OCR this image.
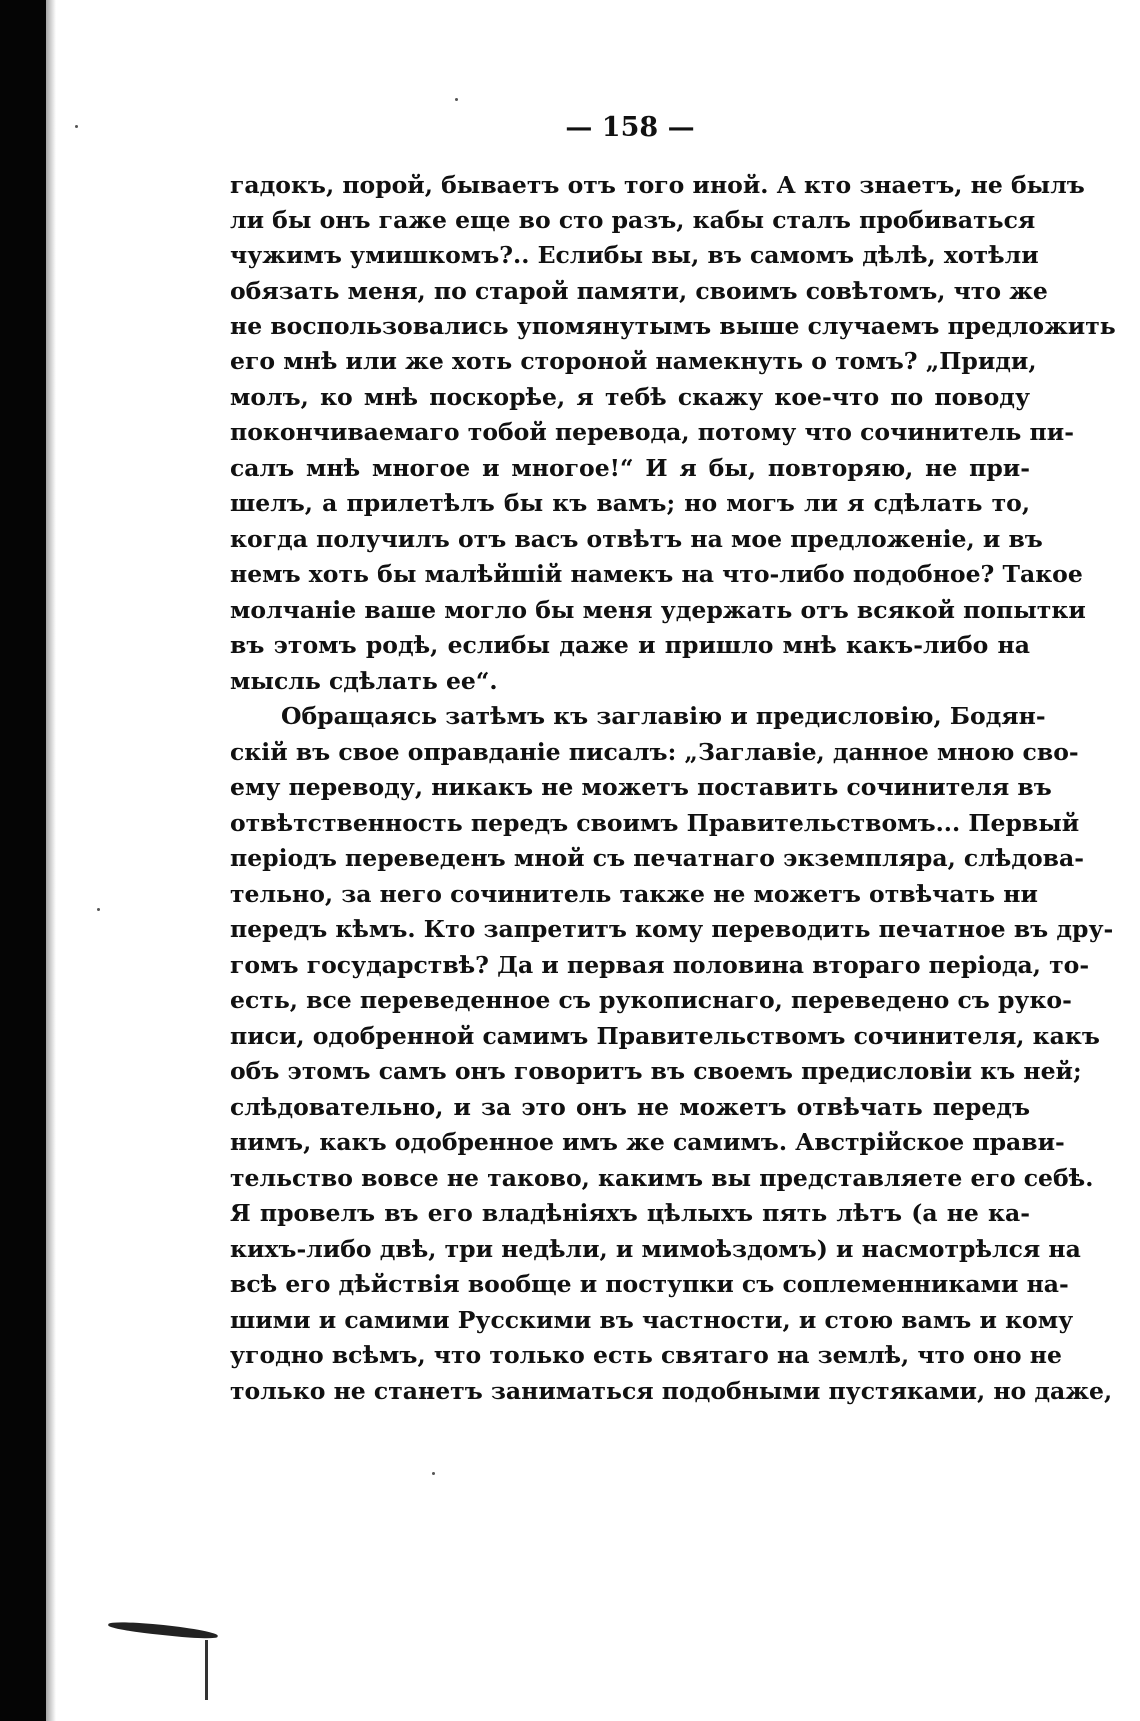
— 158 —
гадокъ, порой, бываетъ отъ того иной. А кто знаетъ, не былъ
ли бы онъ гаже еще во сто разъ, кабы сталъ пробиваться
чужимъ умишкомъ?.. Еслибы вы, въ самомъ дѣлѣ, хотѣли
обязать меня, по старой памяти, своимъ совѣтомъ, что же
не воспользовались упомянутымъ выше случаемъ предложить
его мнѣ или же хоть стороной намекнуть о томъ? „Приди,
молъ, ко мнѣ поскорѣе, я тебѣ скажу кое-что по поводу
покончиваемаго тобой перевода, потому что сочинитель пи-
салъ мнѣ многое и многое!“ И я бы, повторяю, не при-
шелъ, а прилетѣлъ бы къ вамъ; но могъ ли я сдѣлать то,
когда получилъ отъ васъ отвѣтъ на мое предложеніе, и въ
немъ хоть бы малѣйшій намекъ на что-либо подобное? Такое
молчаніе ваше могло бы меня удержать отъ всякой попытки
въ этомъ родѣ, еслибы даже и пришло мнѣ какъ-либо на
мысль сдѣлать ее“.
Обращаясь затѣмъ къ заглавію и предисловію, Бодян-
скій въ свое оправданіе писалъ: „Заглавіе, данное мною сво-
ему переводу, никакъ не можетъ поставить сочинителя въ
отвѣтственность передъ своимъ Правительствомъ... Первый
періодъ переведенъ мной съ печатнаго экземпляра, слѣдова-
тельно, за него сочинитель также не можетъ отвѣчать ни
передъ кѣмъ. Кто запретитъ кому переводить печатное въ дру-
гомъ государствѣ? Да и первая половина втораго періода, то-
есть, все переведенное съ рукописнаго, переведено съ руко-
писи, одобренной самимъ Правительствомъ сочинителя, какъ
объ этомъ самъ онъ говоритъ въ своемъ предисловіи къ ней;
слѣдовательно, и за это онъ не можетъ отвѣчать передъ
нимъ, какъ одобренное имъ же самимъ. Австрійское прави-
тельство вовсе не таково, какимъ вы представляете его себѣ.
Я провелъ въ его владѣніяхъ цѣлыхъ пять лѣтъ (а не ка-
кихъ-либо двѣ, три недѣли, и мимоѣздомъ) и насмотрѣлся на
всѣ его дѣйствія вообще и поступки съ соплеменниками на-
шими и самими Русскими въ частности, и стою вамъ и кому
угодно всѣмъ, что только есть святаго на землѣ, что оно не
только не станетъ заниматься подобными пустяками, но даже,
